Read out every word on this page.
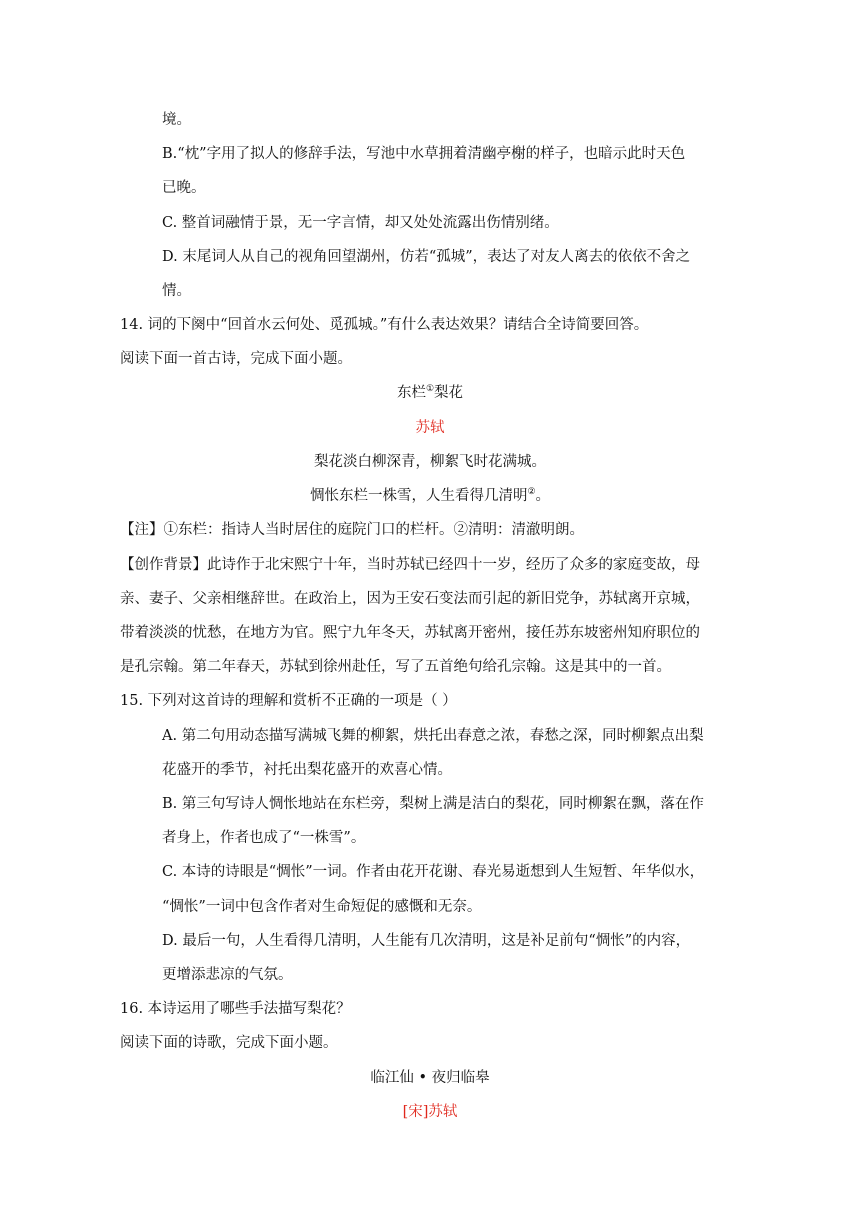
境。
B.“枕”字用了拟人的修辞手法，写池中水草拥着清幽亭榭的样子，也暗示此时天色
已晚。
C. 整首词融情于景，无一字言情，却又处处流露出伤情别绪。
D. 末尾词人从自己的视角回望湖州，仿若“孤城”，表达了对友人离去的依依不舍之
情。
14. 词的下阕中“回首水云何处、觅孤城。”有什么表达效果？请结合全诗简要回答。
阅读下面一首古诗，完成下面小题。
东栏①梨花
苏轼
梨花淡白柳深青，柳絮飞时花满城。
惆怅东栏一株雪，人生看得几清明②。
【注】①东栏：指诗人当时居住的庭院门口的栏杆。②清明：清澈明朗。
【创作背景】此诗作于北宋熙宁十年，当时苏轼已经四十一岁，经历了众多的家庭变故，母
亲、妻子、父亲相继辞世。在政治上，因为王安石变法而引起的新旧党争，苏轼离开京城，
带着淡淡的忧愁，在地方为官。熙宁九年冬天，苏轼离开密州，接任苏东坡密州知府职位的
是孔宗翰。第二年春天，苏轼到徐州赴任，写了五首绝句给孔宗翰。这是其中的一首。
15. 下列对这首诗的理解和赏析不正确的一项是（ ）
A. 第二句用动态描写满城飞舞的柳絮，烘托出春意之浓，春愁之深，同时柳絮点出梨
花盛开的季节，衬托出梨花盛开的欢喜心情。
B. 第三句写诗人惆怅地站在东栏旁，梨树上满是洁白的梨花，同时柳絮在飘，落在作
者身上，作者也成了“一株雪”。
C. 本诗的诗眼是“惆怅”一词。作者由花开花谢、春光易逝想到人生短暂、年华似水，
“惆怅”一词中包含作者对生命短促的感慨和无奈。
D. 最后一句，人生看得几清明，人生能有几次清明，这是补足前句“惆怅”的内容，
更增添悲凉的气氛。
16. 本诗运用了哪些手法描写梨花？
阅读下面的诗歌，完成下面小题。
临江仙 • 夜归临皋
[宋]苏轼
